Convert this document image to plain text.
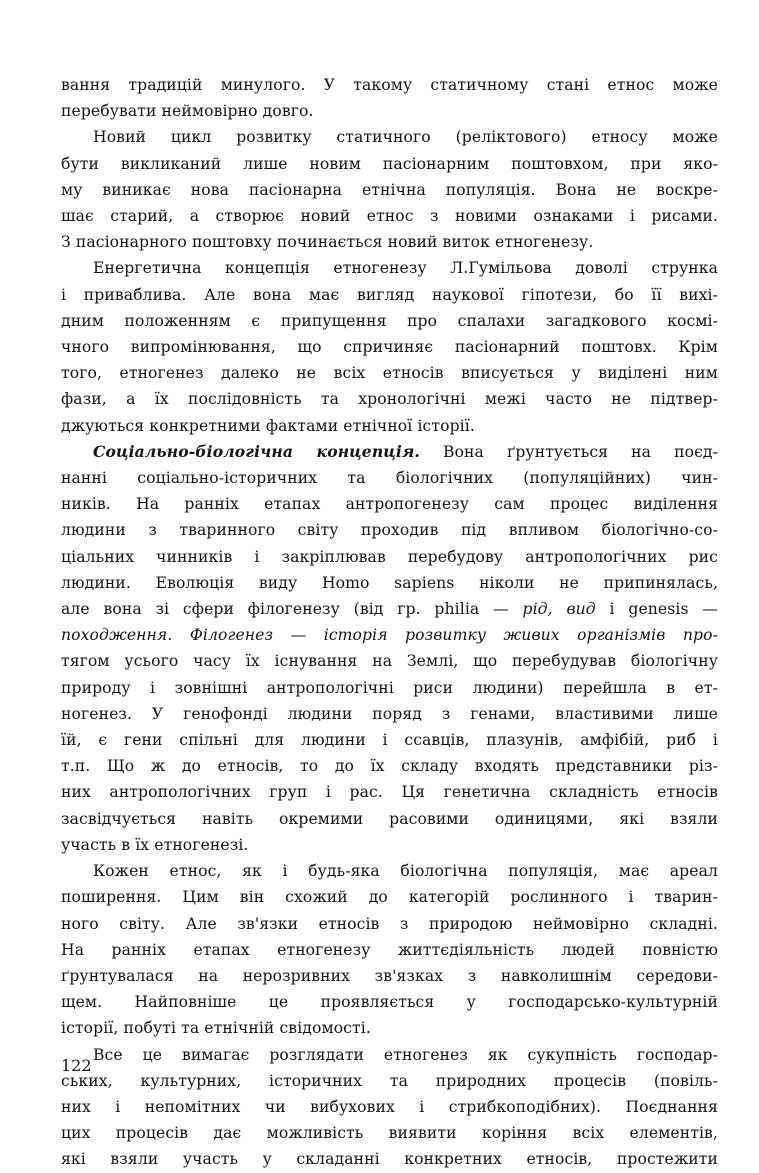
вання традицій минулого. У такому статичному стані етнос може
перебувати неймовірно довго.

Новий цикл розвитку статичного (реліктового) етносу може
бути викликаний лише новим пасіонарним поштовхом, при яко-
му виникає нова пасіонарна етнічна популяція. Вона не воскре-
шає старий, а створює новий етнос з новими ознаками і рисами.
З пасіонарного поштовху починається новий виток етногенезу.

Енергетична концепція етногенезу Л.Гумільова доволі струнка
і приваблива. Але вона має вигляд наукової гіпотези, бо її вихі-
дним положенням є припущення про спалахи загадкового космі-
чного випромінювання, що спричиняє пасіонарний поштовх. Крім
того, етногенез далеко не всіх етносів вписується у виділені ним
фази, а їх послідовність та хронологічні межі часто не підтвер-
джуються конкретними фактами етнічної історії.

Соціально-біологічна концепція. Вона ґрунтується на поєд-
нанні соціально-історичних та біологічних (популяційних) чин-
ників. На ранніх етапах антропогенезу сам процес виділення
людини з тваринного світу проходив під впливом біологічно-со-
ціальних чинників і закріплював перебудову антропологічних рис
людини. Еволюція виду Homo sapiens ніколи не припинялась,
але вона зі сфери філогенезу (від гр. philia — рід, вид і genesis —
походження. Філогенез — історія розвитку живих організмів про-
тягом усього часу їх існування на Землі, що перебудував біологічну
природу і зовнішні антропологічні риси людини) перейшла в ет-
ногенез. У генофонді людини поряд з генами, властивими лише
їй, є гени спільні для людини і ссавців, плазунів, амфібій, риб і
т.п. Що ж до етносів, то до їх складу входять представники різ-
них антропологічних груп і рас. Ця генетична складність етносів
засвідчується навіть окремими расовими одиницями, які взяли
участь в їх етногенезі.

Кожен етнос, як і будь-яка біологічна популяція, має ареал
поширення. Цим він схожий до категорій рослинного і тварин-
ного світу. Але зв'язки етносів з природою неймовірно складні.
На ранніх етапах етногенезу життєдіяльність людей повністю
ґрунтувалася на нерозривних зв'язках з навколишнім середови-
щем. Найповніше це проявляється у господарсько-культурній
історії, побуті та етнічній свідомості.

Все це вимагає розглядати етногенез як сукупність господар-
ських, культурних, історичних та природних процесів (повіль-
них і непомітних чи вибухових і стрибкоподібних). Поєднання
цих процесів дає можливість виявити коріння всіх елементів,
які взяли участь у складанні конкретних етносів, простежити

122
